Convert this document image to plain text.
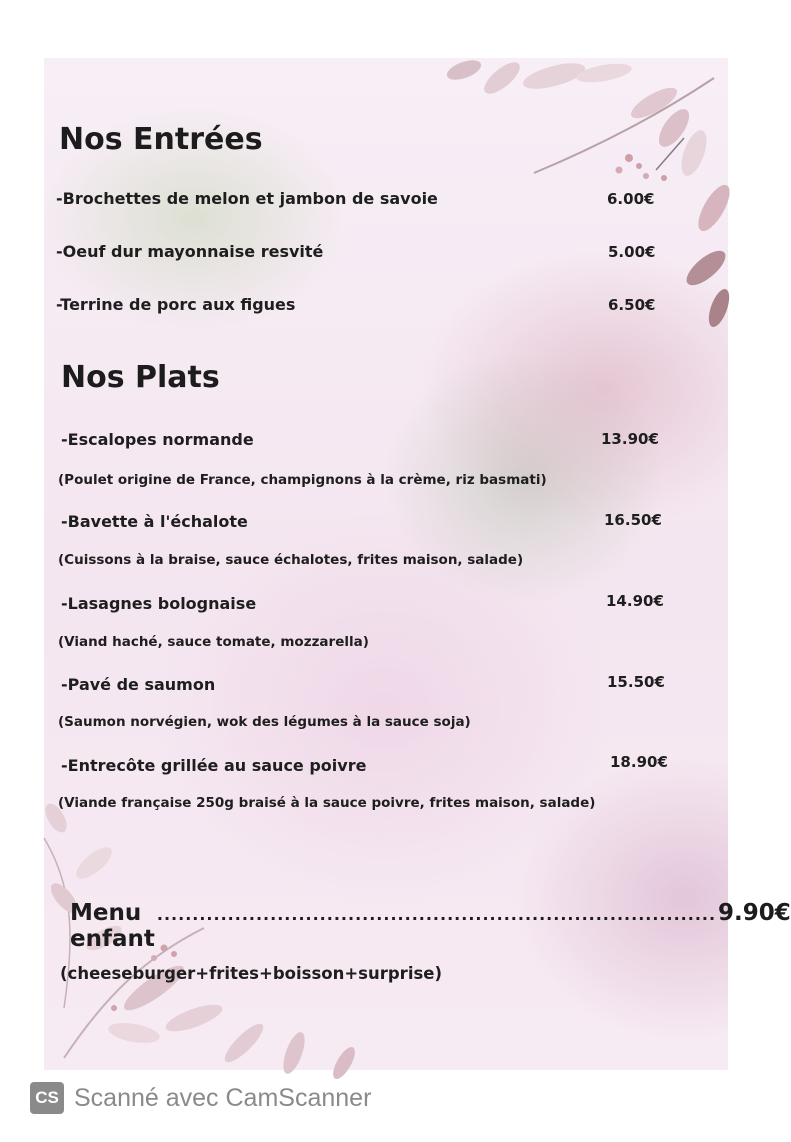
Nos Entrées
-Brochettes de melon et jambon de savoie	6.00€
-Oeuf dur mayonnaise resvité	5.00€
-Terrine de porc aux figues	6.50€
Nos Plats
-Escalopes normande	13.90€
(Poulet origine de France, champignons à la crème, riz basmati)
-Bavette à l'échalote	16.50€
(Cuissons à la braise, sauce échalotes, frites maison, salade)
-Lasagnes bolognaise	14.90€
(Viand haché, sauce tomate, mozzarella)
-Pavé de saumon	15.50€
(Saumon norvégien, wok des légumes à la sauce soja)
-Entrecôte grillée au sauce poivre	18.90€
(Viande française 250g braisé à la sauce poivre, frites maison, salade)
Menu enfant
............................................................................... 9.90€
(cheeseburger+frites+boisson+surprise)
CS Scanné avec CamScanner
